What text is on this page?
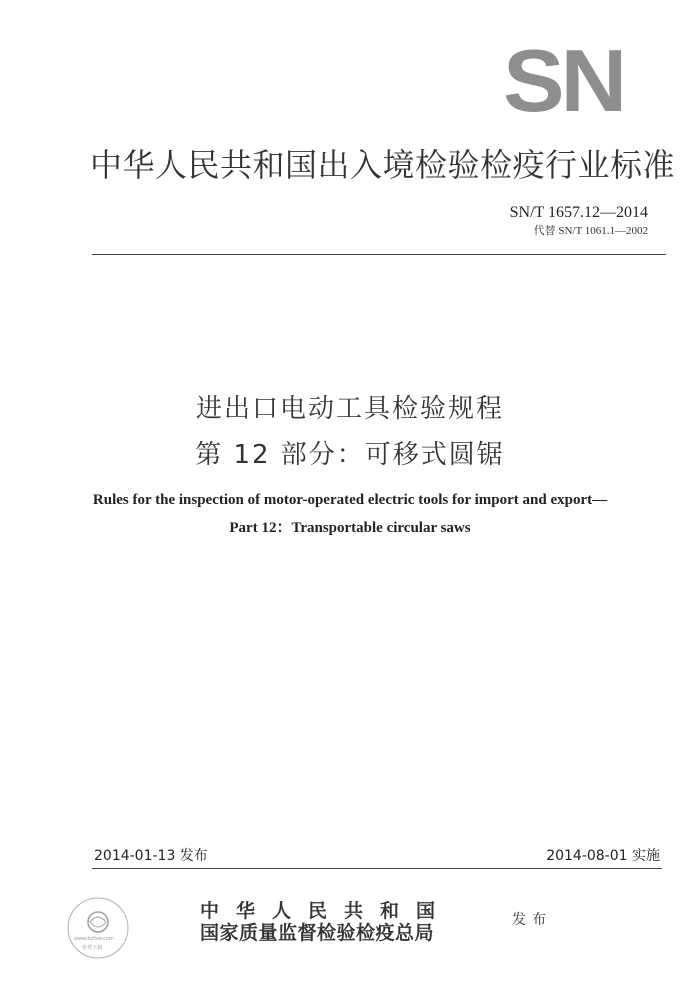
SN
中华人民共和国出入境检验检疫行业标准
SN/T 1657.12—2014
代替 SN/T 1061.1—2002
进出口电动工具检验规程
第 12 部分：可移式圆锯
Rules for the inspection of motor-operated electric tools for import and export—
Part 12：Transportable circular saws
2014-01-13 发布	2014-08-01 实施
www.bzfxw.com
免费下载
中华人民共和国
国家质量监督检验检疫总局
发布
